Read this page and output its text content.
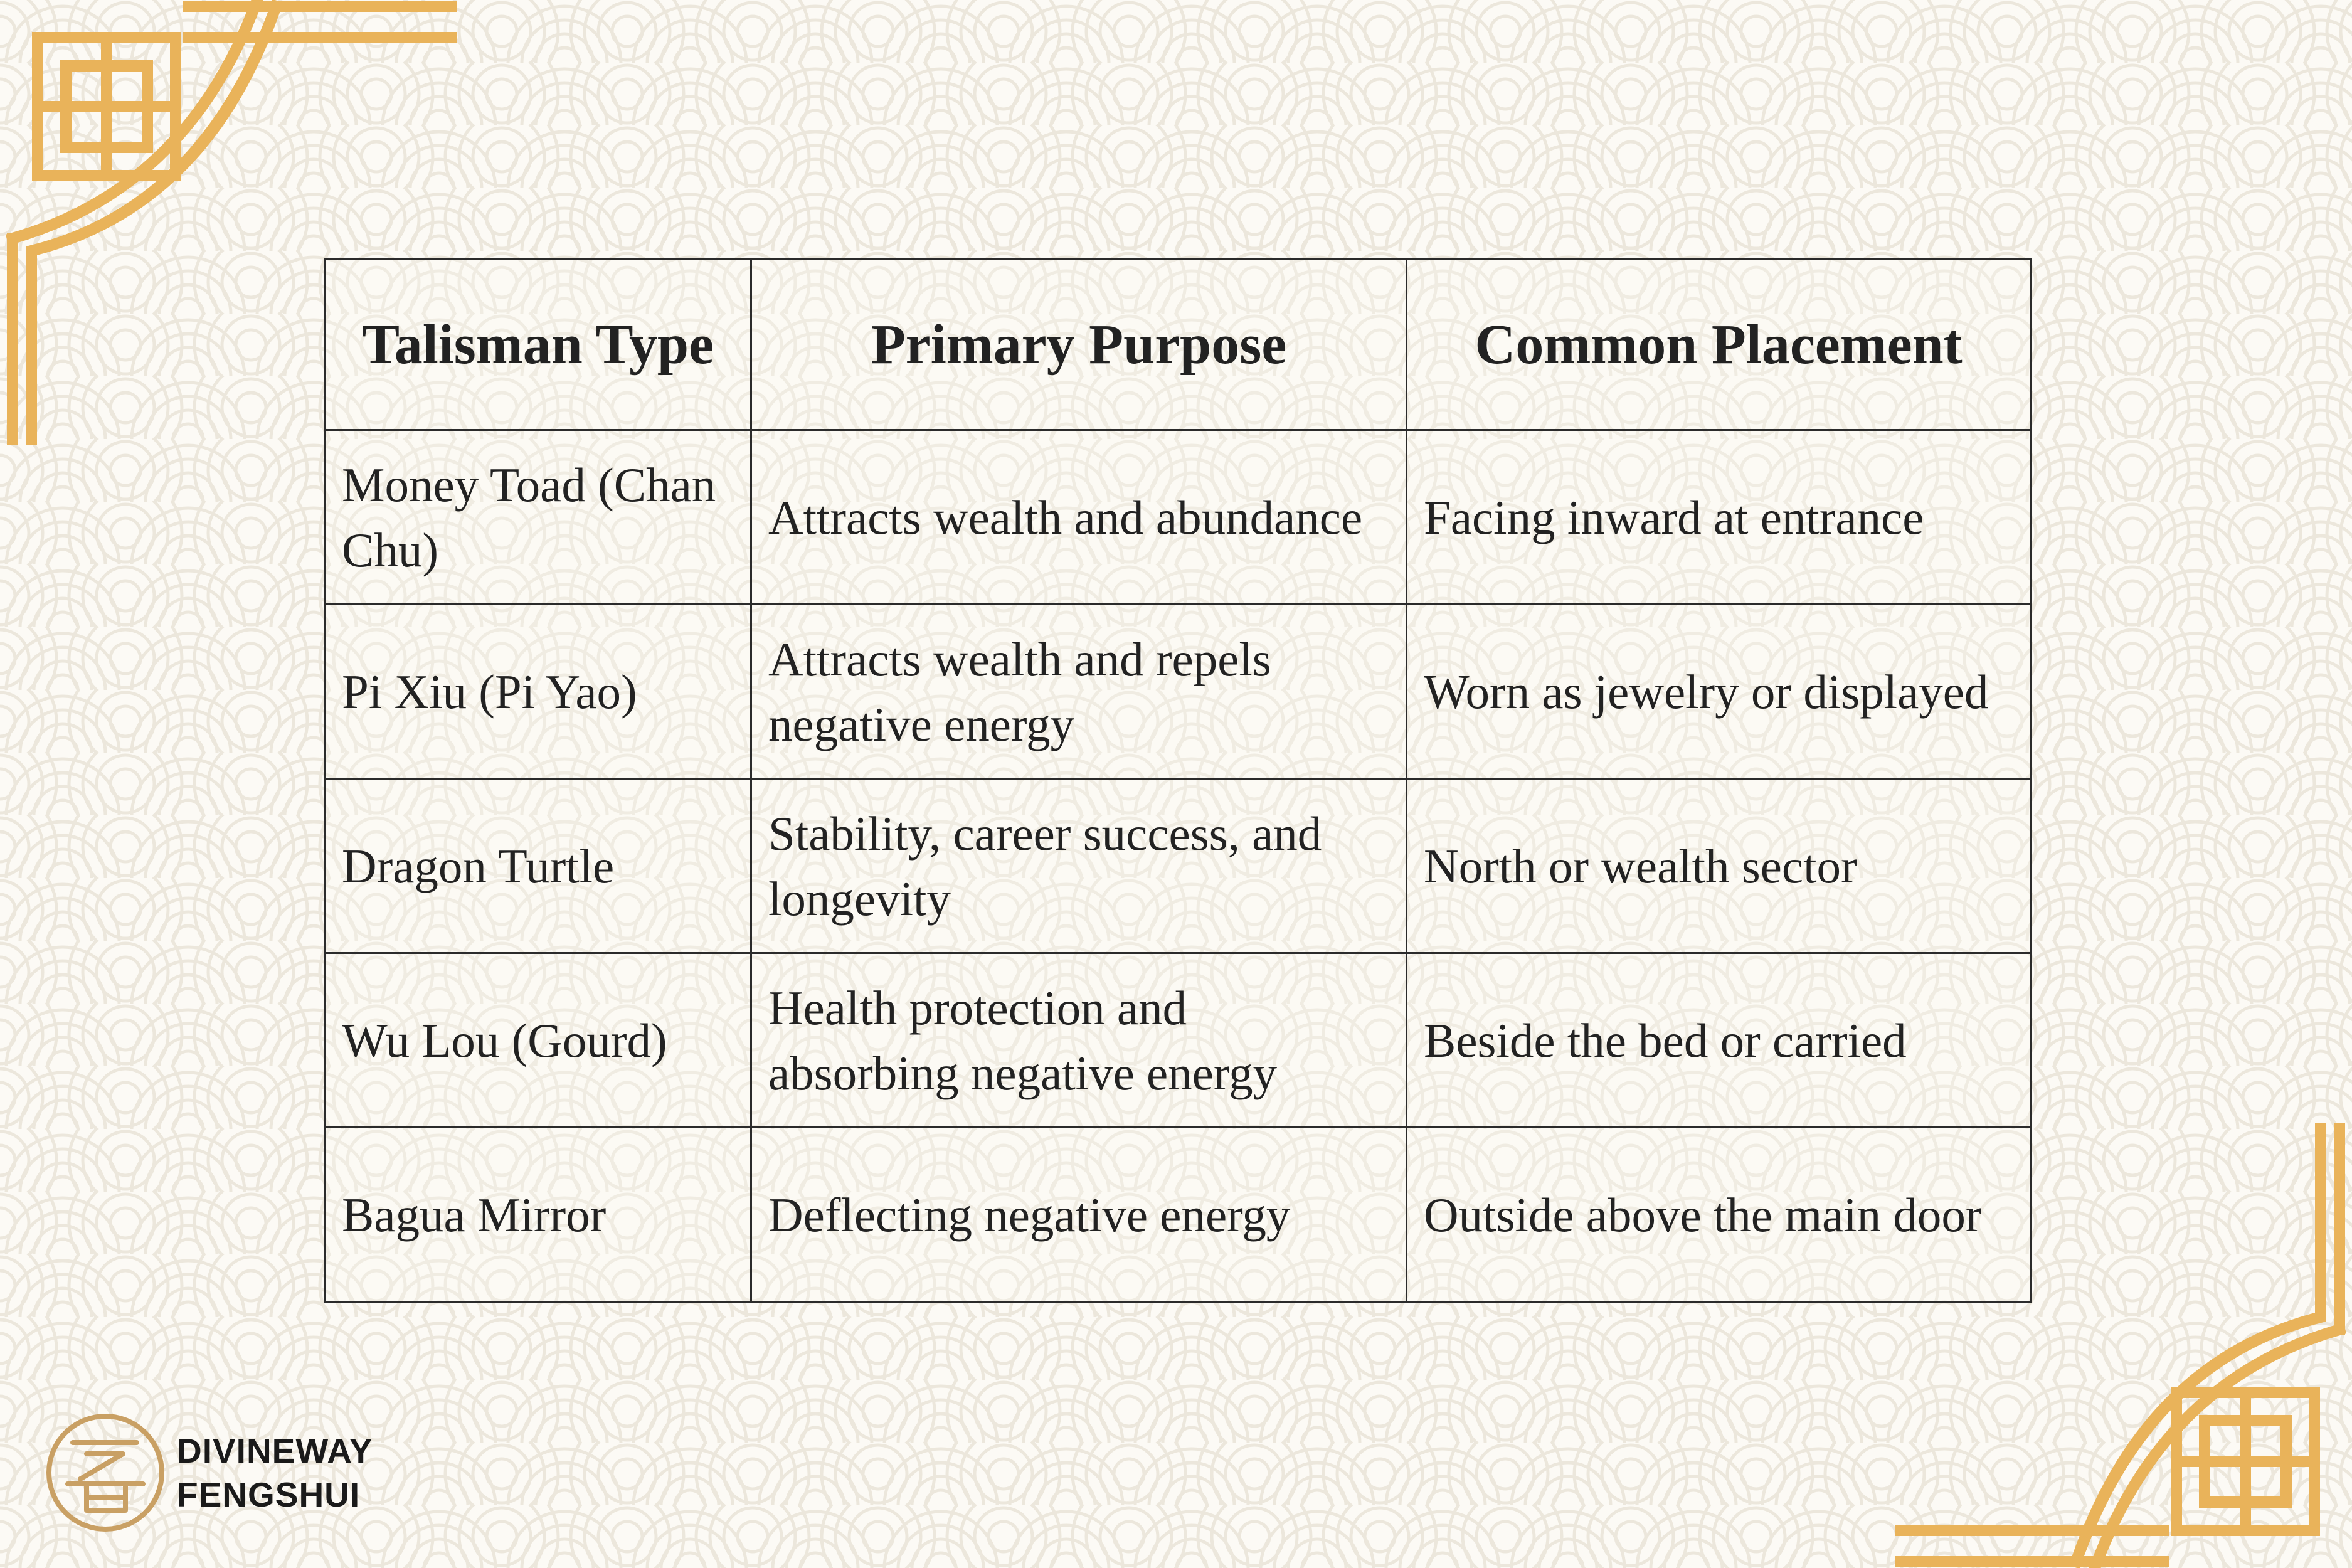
Talisman Type	Primary Purpose	Common Placement
Money Toad (Chan Chu)	Attracts wealth and abundance	Facing inward at entrance
Pi Xiu (Pi Yao)	Attracts wealth and repels negative energy	Worn as jewelry or displayed
Dragon Turtle	Stability, career success, and longevity	North or wealth sector
Wu Lou (Gourd)	Health protection and absorbing negative energy	Beside the bed or carried
Bagua Mirror	Deflecting negative energy	Outside above the main door
DIVINEWAY
FENGSHUI
